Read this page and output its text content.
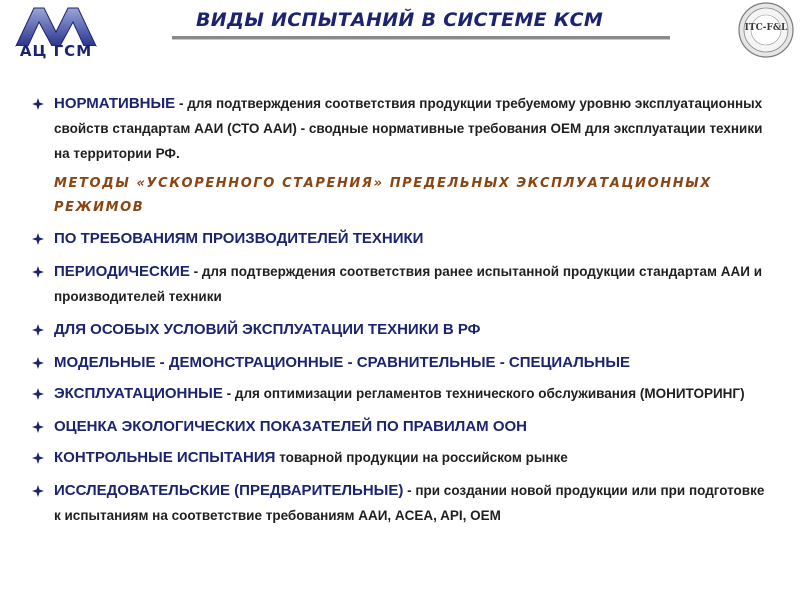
АЦ ГСМ
ВИДЫ ИСПЫТАНИЙ В СИСТЕМЕ КСМ	ITC-F&L
НОРМАТИВНЫЕ - для подтверждения соответствия продукции требуемому уровню эксплуатационных свойств стандартам ААИ (СТО ААИ) - сводные нормативные требования ОЕМ для эксплуатации техники на территории РФ.
МЕТОДЫ «УСКОРЕННОГО СТАРЕНИЯ» ПРЕДЕЛЬНЫХ ЭКСПЛУАТАЦИОННЫХ РЕЖИМОВ
ПО ТРЕБОВАНИЯМ ПРОИЗВОДИТЕЛЕЙ ТЕХНИКИ
ПЕРИОДИЧЕСКИЕ - для подтверждения соответствия ранее испытанной продукции стандартам ААИ и производителей техники
ДЛЯ ОСОБЫХ УСЛОВИЙ ЭКСПЛУАТАЦИИ ТЕХНИКИ В РФ
МОДЕЛЬНЫЕ - ДЕМОНСТРАЦИОННЫЕ - СРАВНИТЕЛЬНЫЕ - СПЕЦИАЛЬНЫЕ
ЭКСПЛУАТАЦИОННЫЕ - для оптимизации регламентов технического обслуживания (МОНИТОРИНГ)
ОЦЕНКА ЭКОЛОГИЧЕСКИХ ПОКАЗАТЕЛЕЙ ПО ПРАВИЛАМ ООН
КОНТРОЛЬНЫЕ ИСПЫТАНИЯ товарной продукции на российском рынке
ИССЛЕДОВАТЕЛЬСКИЕ (ПРЕДВАРИТЕЛЬНЫЕ) - при создании новой продукции или при подготовке к испытаниям на соответствие требованиям ААИ, ACEA, API, OEM
